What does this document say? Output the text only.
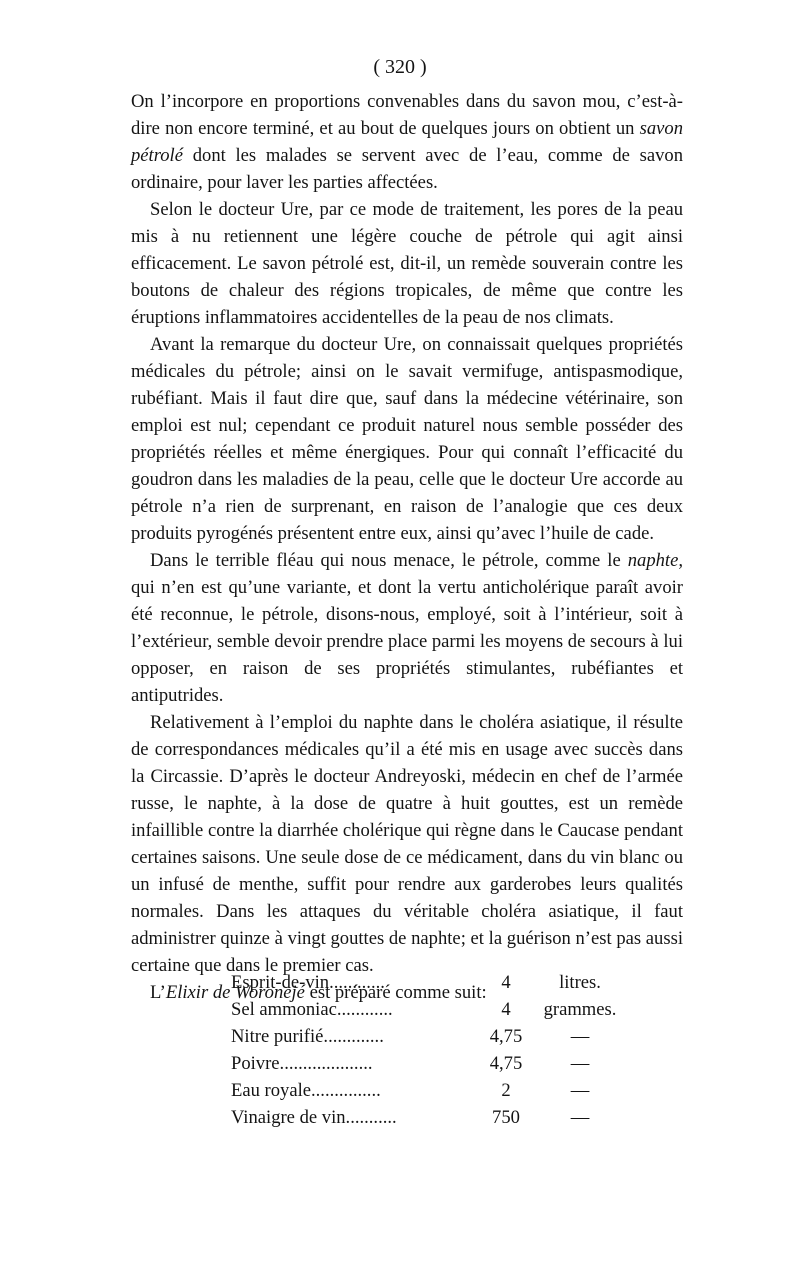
( 320 )

On l’incorpore en proportions convenables dans du savon mou, c’est-à-dire non encore terminé, et au bout de quelques jours on obtient un savon pétrolé dont les malades se servent avec de l’eau, comme de savon ordinaire, pour laver les parties affectées.

Selon le docteur Ure, par ce mode de traitement, les pores de la peau mis à nu retiennent une légère couche de pétrole qui agit ainsi efficacement. Le savon pétrolé est, dit-il, un remède souverain contre les boutons de chaleur des régions tropicales, de même que contre les éruptions inflammatoires accidentelles de la peau de nos climats.

Avant la remarque du docteur Ure, on connaissait quelques propriétés médicales du pétrole; ainsi on le savait vermifuge, antispasmodique, rubéfiant. Mais il faut dire que, sauf dans la médecine vétérinaire, son emploi est nul; cependant ce produit naturel nous semble posséder des propriétés réelles et même énergiques. Pour qui connaît l’efficacité du goudron dans les maladies de la peau, celle que le docteur Ure accorde au pétrole n’a rien de surprenant, en raison de l’analogie que ces deux produits pyrogénés présentent entre eux, ainsi qu’avec l’huile de cade.

Dans le terrible fléau qui nous menace, le pétrole, comme le naphte, qui n’en est qu’une variante, et dont la vertu anticholérique paraît avoir été reconnue, le pétrole, disons-nous, employé, soit à l’intérieur, soit à l’extérieur, semble devoir prendre place parmi les moyens de secours à lui opposer, en raison de ses propriétés stimulantes, rubéfiantes et antiputrides.

Relativement à l’emploi du naphte dans le choléra asiatique, il résulte de correspondances médicales qu’il a été mis en usage avec succès dans la Circassie. D’après le docteur Andreyoski, médecin en chef de l’armée russe, le naphte, à la dose de quatre à huit gouttes, est un remède infaillible contre la diarrhée cholérique qui règne dans le Caucase pendant certaines saisons. Une seule dose de ce médicament, dans du vin blanc ou un infusé de menthe, suffit pour rendre aux garderobes leurs qualités normales. Dans les attaques du véritable choléra asiatique, il faut administrer quinze à vingt gouttes de naphte; et la guérison n’est pas aussi certaine que dans le premier cas.

L’Elixir de Woronejé est préparé comme suit:

Esprit-de-vin............	4	litres.
Sel ammoniac............	4	grammes.
Nitre purifié.............	4,75	—
Poivre....................	4,75	—
Eau royale...............	2	—
Vinaigre de vin...........	750	—
